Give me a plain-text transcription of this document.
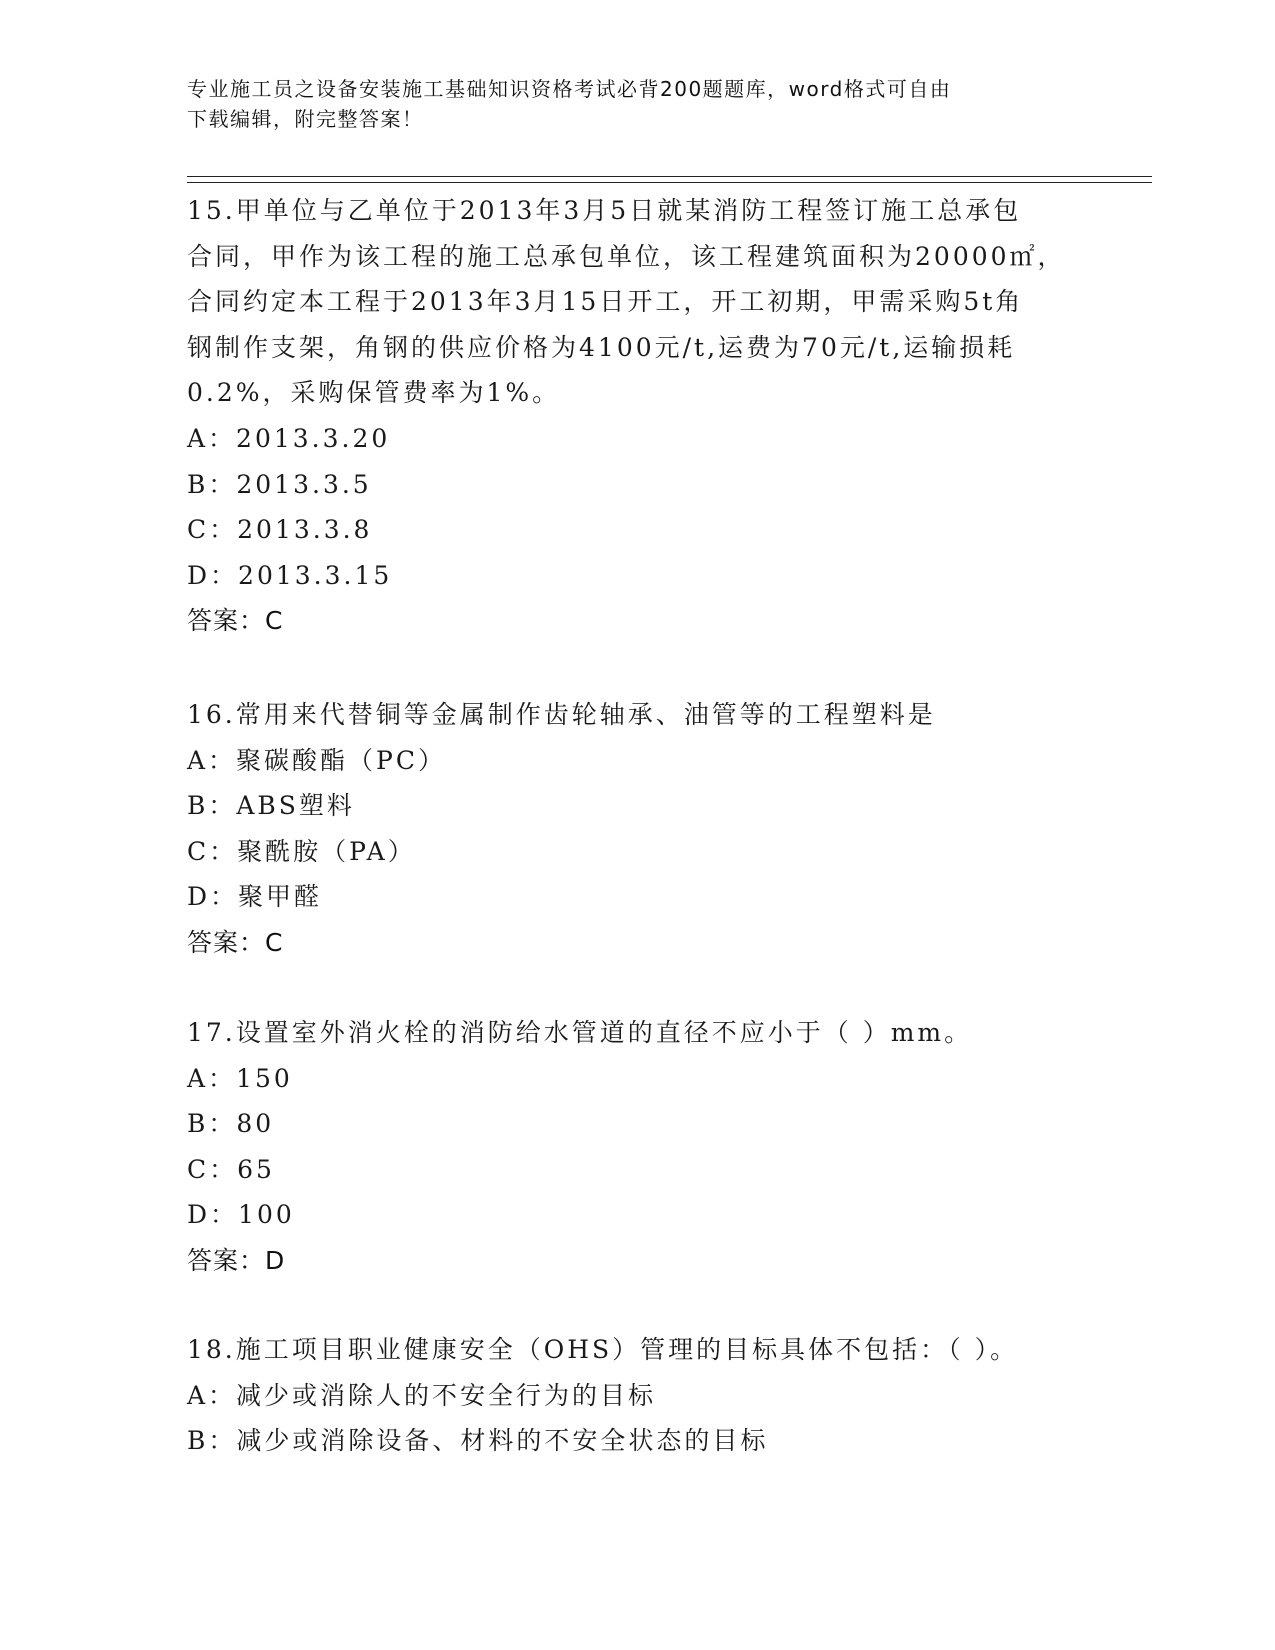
专业施工员之设备安装施工基础知识资格考试必背200题题库，word格式可自由
下载编辑，附完整答案！
15.甲单位与乙单位于2013年3月5日就某消防工程签订施工总承包
合同，甲作为该工程的施工总承包单位，该工程建筑面积为20000㎡，
合同约定本工程于2013年3月15日开工，开工初期，甲需采购5t角
钢制作支架，角钢的供应价格为4100元/t,运费为70元/t,运输损耗
0.2%，采购保管费率为1%。
A：2013.3.20
B：2013.3.5
C：2013.3.8
D：2013.3.15
答案：C
16.常用来代替铜等金属制作齿轮轴承、油管等的工程塑料是
A：聚碳酸酯（PC）
B：ABS塑料
C：聚酰胺（PA）
D：聚甲醛
答案：C
17.设置室外消火栓的消防给水管道的直径不应小于（ ）mm。
A：150
B：80
C：65
D：100
答案：D
18.施工项目职业健康安全（OHS）管理的目标具体不包括：（ ）。
A：减少或消除人的不安全行为的目标
B：减少或消除设备、材料的不安全状态的目标
